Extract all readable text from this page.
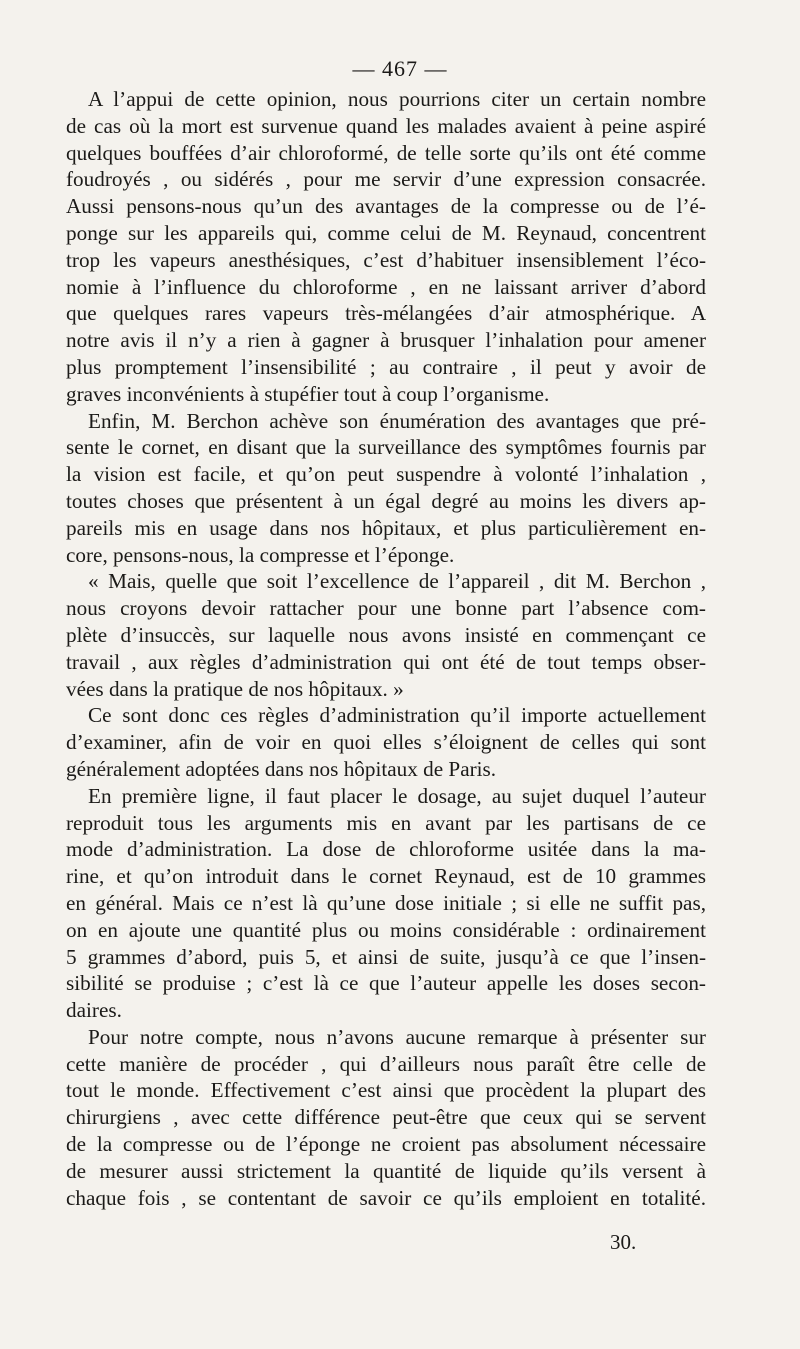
— 467 —
A l’appui de cette opinion, nous pourrions citer un certain nombre
de cas où la mort est survenue quand les malades avaient à peine aspiré
quelques bouffées d’air chloroformé, de telle sorte qu’ils ont été comme
foudroyés , ou sidérés , pour me servir d’une expression consacrée.
Aussi pensons-nous qu’un des avantages de la compresse ou de l’é-
ponge sur les appareils qui, comme celui de M. Reynaud, concentrent
trop les vapeurs anesthésiques, c’est d’habituer insensiblement l’éco-
nomie à l’influence du chloroforme , en ne laissant arriver d’abord
que quelques rares vapeurs très-mélangées d’air atmosphérique. A
notre avis il n’y a rien à gagner à brusquer l’inhalation pour amener
plus promptement l’insensibilité ; au contraire , il peut y avoir de
graves inconvénients à stupéfier tout à coup l’organisme.
Enfin, M. Berchon achève son énumération des avantages que pré-
sente le cornet, en disant que la surveillance des symptômes fournis par
la vision est facile, et qu’on peut suspendre à volonté l’inhalation ,
toutes choses que présentent à un égal degré au moins les divers ap-
pareils mis en usage dans nos hôpitaux, et plus particulièrement en-
core, pensons-nous, la compresse et l’éponge.
« Mais, quelle que soit l’excellence de l’appareil , dit M. Berchon ,
nous croyons devoir rattacher pour une bonne part l’absence com-
plète d’insuccès, sur laquelle nous avons insisté en commençant ce
travail , aux règles d’administration qui ont été de tout temps obser-
vées dans la pratique de nos hôpitaux. »
Ce sont donc ces règles d’administration qu’il importe actuellement
d’examiner, afin de voir en quoi elles s’éloignent de celles qui sont
généralement adoptées dans nos hôpitaux de Paris.
En première ligne, il faut placer le dosage, au sujet duquel l’auteur
reproduit tous les arguments mis en avant par les partisans de ce
mode d’administration. La dose de chloroforme usitée dans la ma-
rine, et qu’on introduit dans le cornet Reynaud, est de 10 grammes
en général. Mais ce n’est là qu’une dose initiale ; si elle ne suffit pas,
on en ajoute une quantité plus ou moins considérable : ordinairement
5 grammes d’abord, puis 5, et ainsi de suite, jusqu’à ce que l’insen-
sibilité se produise ; c’est là ce que l’auteur appelle les doses secon-
daires.
Pour notre compte, nous n’avons aucune remarque à présenter sur
cette manière de procéder , qui d’ailleurs nous paraît être celle de
tout le monde. Effectivement c’est ainsi que procèdent la plupart des
chirurgiens , avec cette différence peut-être que ceux qui se servent
de la compresse ou de l’éponge ne croient pas absolument nécessaire
de mesurer aussi strictement la quantité de liquide qu’ils versent à
chaque fois , se contentant de savoir ce qu’ils emploient en totalité.
30.
